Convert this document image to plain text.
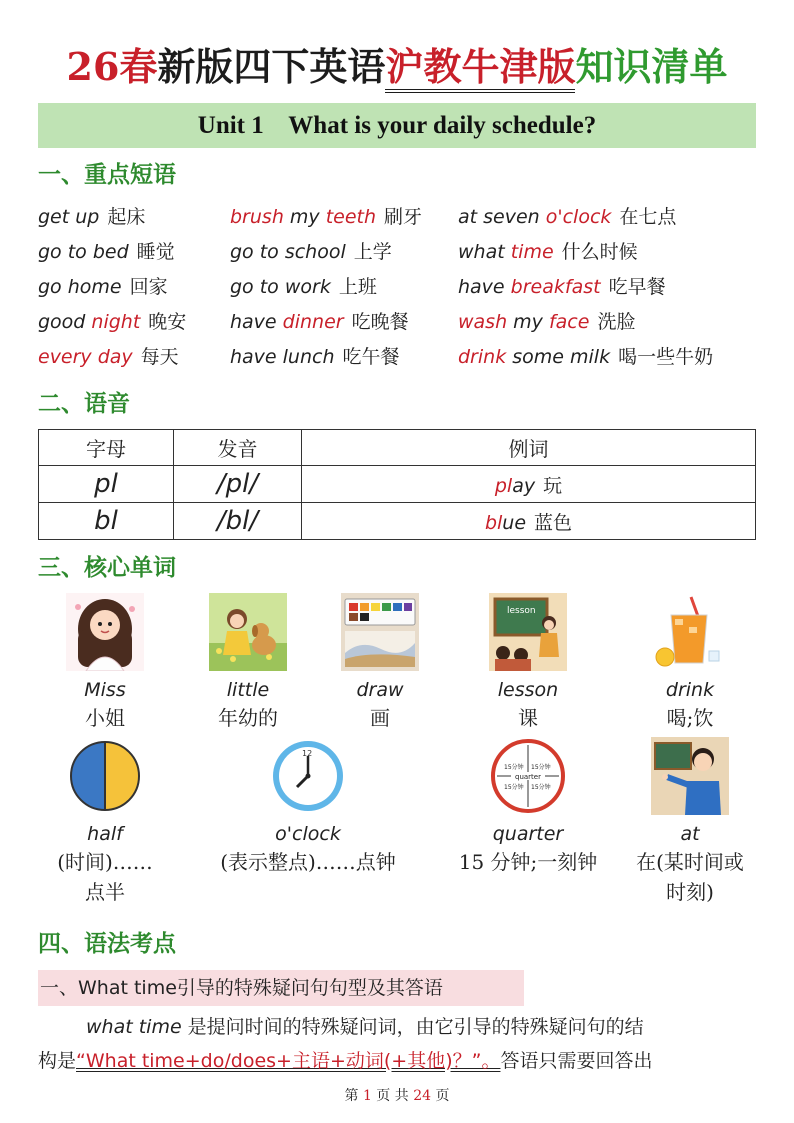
26春新版四下英语沪教牛津版知识清单
Unit 1    What is your daily schedule?
一、重点短语
get up 起床	brush my teeth 刷牙 at seven o'clock 在七点
go to bed 睡觉	go to school 上学	what time 什么时候
go home 回家	go to work 上班	have breakfast 吃早餐
good night 晚安 have dinner 吃晚餐	wash my face 洗脸
every day 每天	have lunch 吃午餐	drink some milk 喝一些牛奶
二、语音
字母	发音	例词
pl	/pl/	play 玩
bl	/bl/	blue 蓝色
三、核心单词
Miss
小姐
little
年幼的
draw
画
lesson
lesson
课
drink
喝;饮
half
(时间)……
点半
12
o'clock
(表示整点)……点钟
15分钟 15分钟
15分钟 15分钟
quarter
quarter
15 分钟;一刻钟
at
在(某时间或
时刻)
四、语法考点
一、What time引导的特殊疑问句句型及其答语
what time 是提问时间的特殊疑问词，由它引导的特殊疑问句的结
构是“What time+do/does+主语+动词(+其他)？”。答语只需要回答出
第 1 页 共 24 页
